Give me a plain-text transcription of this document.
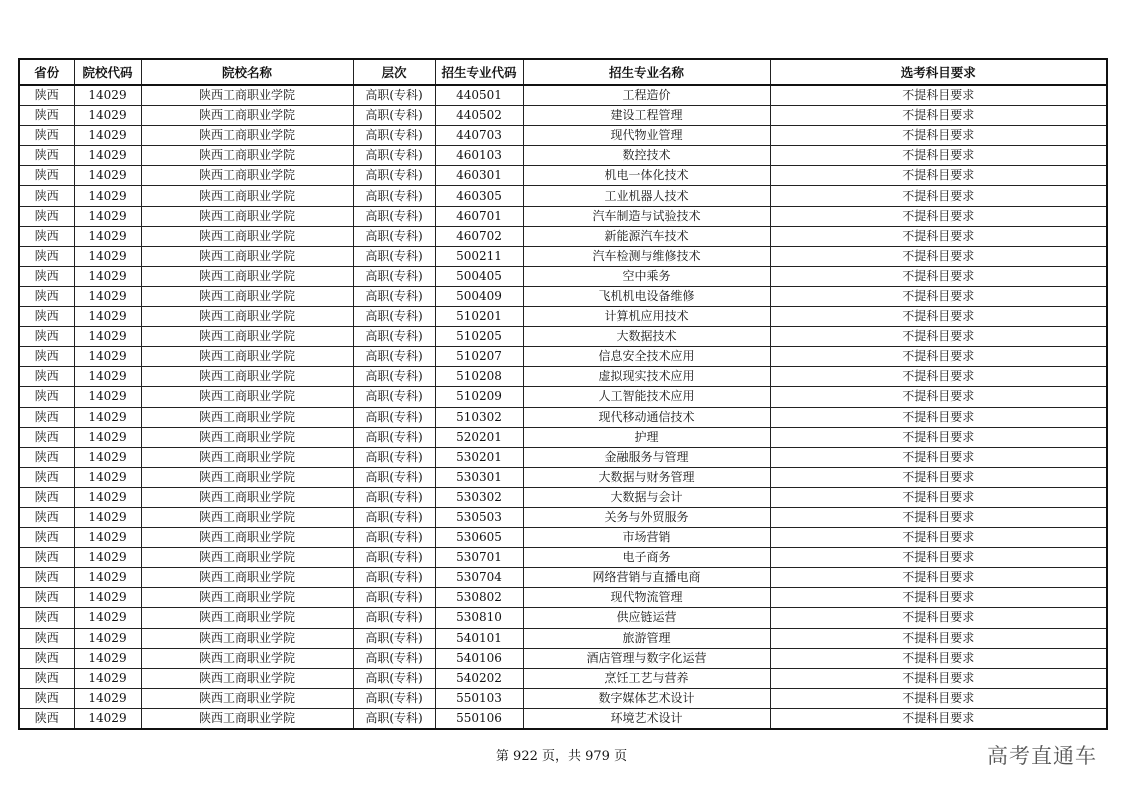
省份	院校代码	院校名称	层次	招生专业代码	招生专业名称	选考科目要求
陕西	14029	陕西工商职业学院	高职(专科)	440501	工程造价	不提科目要求
陕西	14029	陕西工商职业学院	高职(专科)	440502	建设工程管理	不提科目要求
陕西	14029	陕西工商职业学院	高职(专科)	440703	现代物业管理	不提科目要求
陕西	14029	陕西工商职业学院	高职(专科)	460103	数控技术	不提科目要求
陕西	14029	陕西工商职业学院	高职(专科)	460301	机电一体化技术	不提科目要求
陕西	14029	陕西工商职业学院	高职(专科)	460305	工业机器人技术	不提科目要求
陕西	14029	陕西工商职业学院	高职(专科)	460701	汽车制造与试验技术	不提科目要求
陕西	14029	陕西工商职业学院	高职(专科)	460702	新能源汽车技术	不提科目要求
陕西	14029	陕西工商职业学院	高职(专科)	500211	汽车检测与维修技术	不提科目要求
陕西	14029	陕西工商职业学院	高职(专科)	500405	空中乘务	不提科目要求
陕西	14029	陕西工商职业学院	高职(专科)	500409	飞机机电设备维修	不提科目要求
陕西	14029	陕西工商职业学院	高职(专科)	510201	计算机应用技术	不提科目要求
陕西	14029	陕西工商职业学院	高职(专科)	510205	大数据技术	不提科目要求
陕西	14029	陕西工商职业学院	高职(专科)	510207	信息安全技术应用	不提科目要求
陕西	14029	陕西工商职业学院	高职(专科)	510208	虚拟现实技术应用	不提科目要求
陕西	14029	陕西工商职业学院	高职(专科)	510209	人工智能技术应用	不提科目要求
陕西	14029	陕西工商职业学院	高职(专科)	510302	现代移动通信技术	不提科目要求
陕西	14029	陕西工商职业学院	高职(专科)	520201	护理	不提科目要求
陕西	14029	陕西工商职业学院	高职(专科)	530201	金融服务与管理	不提科目要求
陕西	14029	陕西工商职业学院	高职(专科)	530301	大数据与财务管理	不提科目要求
陕西	14029	陕西工商职业学院	高职(专科)	530302	大数据与会计	不提科目要求
陕西	14029	陕西工商职业学院	高职(专科)	530503	关务与外贸服务	不提科目要求
陕西	14029	陕西工商职业学院	高职(专科)	530605	市场营销	不提科目要求
陕西	14029	陕西工商职业学院	高职(专科)	530701	电子商务	不提科目要求
陕西	14029	陕西工商职业学院	高职(专科)	530704	网络营销与直播电商	不提科目要求
陕西	14029	陕西工商职业学院	高职(专科)	530802	现代物流管理	不提科目要求
陕西	14029	陕西工商职业学院	高职(专科)	530810	供应链运营	不提科目要求
陕西	14029	陕西工商职业学院	高职(专科)	540101	旅游管理	不提科目要求
陕西	14029	陕西工商职业学院	高职(专科)	540106	酒店管理与数字化运营	不提科目要求
陕西	14029	陕西工商职业学院	高职(专科)	540202	烹饪工艺与营养	不提科目要求
陕西	14029	陕西工商职业学院	高职(专科)	550103	数字媒体艺术设计	不提科目要求
陕西	14029	陕西工商职业学院	高职(专科)	550106	环境艺术设计	不提科目要求
第 922 页，共 979 页	高考直通车
